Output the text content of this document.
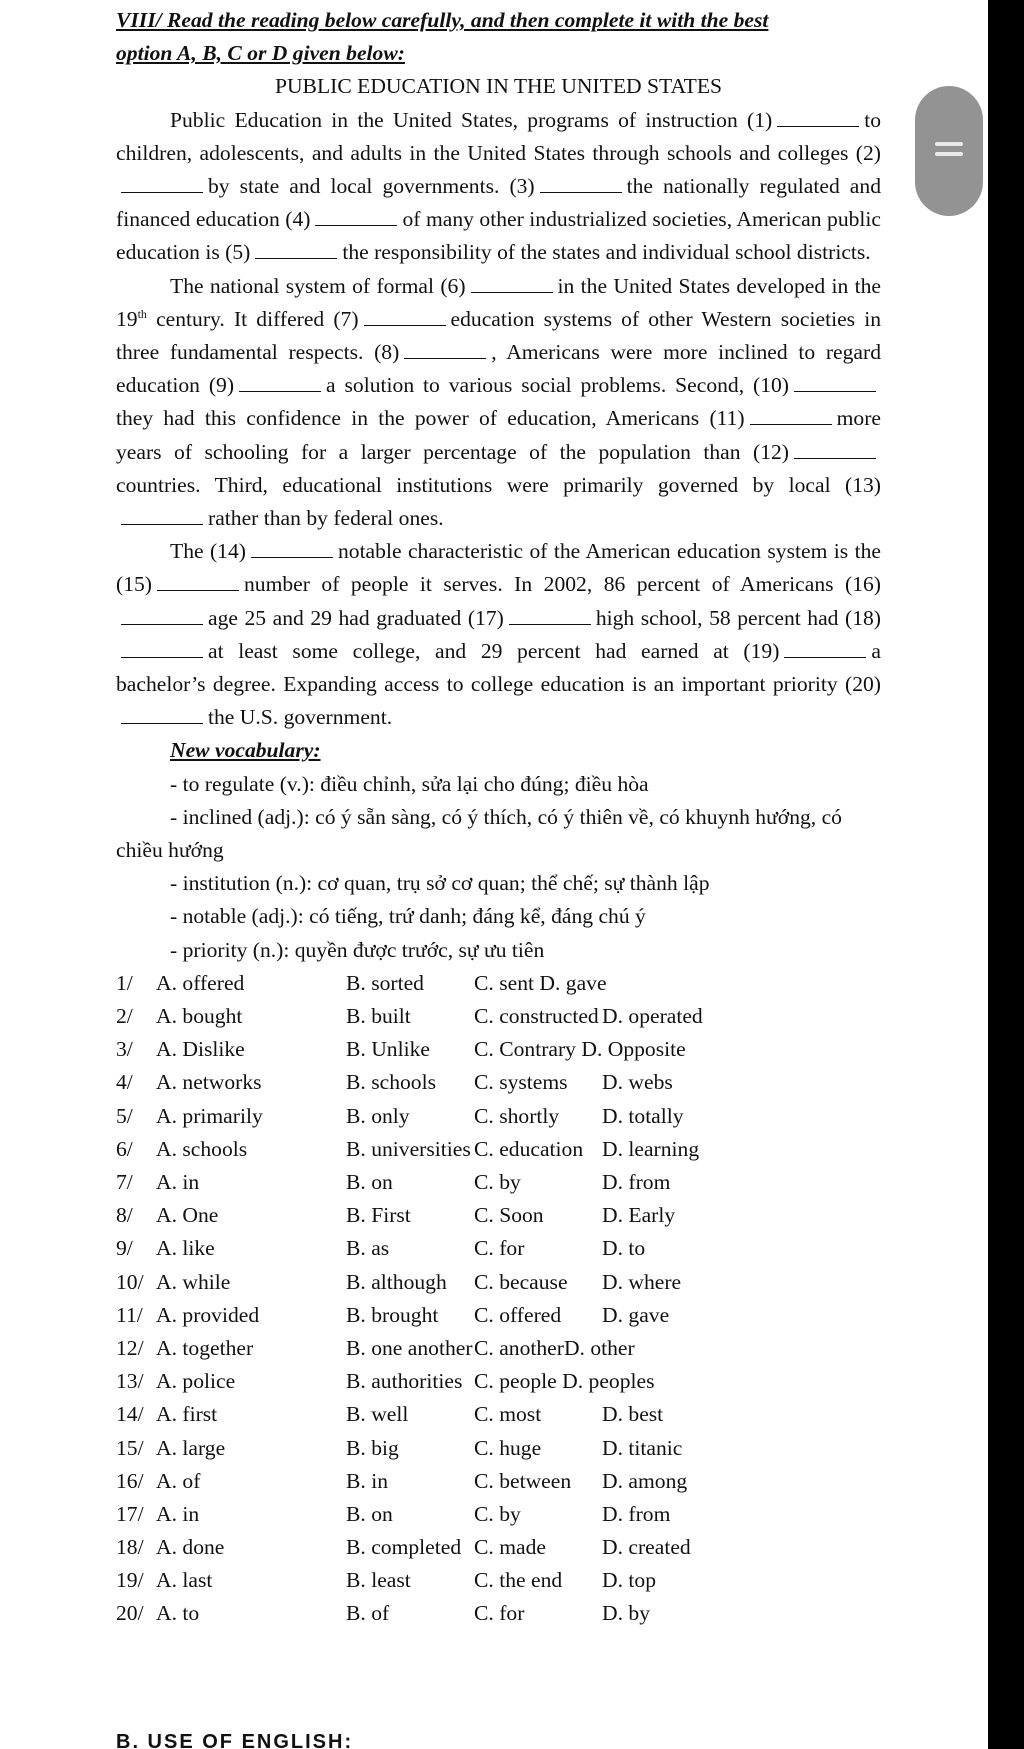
VIII/ Read the reading below carefully, and then complete it with the best
option A, B, C or D given below:
PUBLIC EDUCATION IN THE UNITED STATES

Public Education in the United States, programs of instruction (1)	to children, adolescents, and adults in the United States through schools and colleges (2)by state and local governments. (3)	the nationally regulated and financed education (4)	of many other industrialized societies, American public education is (5)	the responsibility of the states and individual school districts.

The national system of formal (6)	in the United States developed in the 19th century. It differed (7)	education systems of other Western societies in three fundamental respects. (8)	, Americans were more inclined to regard education (9)	a solution to various social problems. Second, (10)they had this confidence in the power of education, Americans (11)	more years of schooling for a larger percentage of the population than (12)countries. Third, educational institutions were primarily governed by local (13)rather than by federal ones.

The (14)	notable characteristic of the American education system is the (15)	number of people it serves. In 2002, 86 percent of Americans (16)age 25 and 29 had graduated (17)	high school, 58 percent had (18)at least some college, and 29 percent had earned at (19)	a bachelor’s degree. Expanding access to college education is an important priority (20)the U.S. government.

New vocabulary:
- to regulate (v.): điều chỉnh, sửa lại cho đúng; điều hòa
- inclined (adj.): có ý sẵn sàng, có ý thích, có ý thiên về, có khuynh hướng, có chiều hướng
- institution (n.): cơ quan, trụ sở cơ quan; thể chế; sự thành lập
- notable (adj.): có tiếng, trứ danh; đáng kể, đáng chú ý
- priority (n.): quyền được trước, sự ưu tiên
1/ A. offered	B. sorted C. sent D. gave
2/ A. bought	B. built	C. constructed D. operated
3/ A. Dislike	B. Unlike C. Contrary D. Opposite
4/ A. networks	B. schools C. systems D. webs
5/ A. primarily	B. only	C. shortly D. totally
6/ A. schools	B. universities C. education D. learning
7/ A. in	B. on	C. by	D. from
8/ A. One	B. First	C. Soon	D. Early
9/ A. like	B. as	C. for	D. to
10/ A. while	B. although C. because D. where
11/ A. provided	B. brought C. offered D. gave
12/ A. together	B. one another C. anotherD. other
13/ A. police	B. authorities C. people D. peoples
14/ A. first	B. well	C. most	D. best
15/ A. large	B. big	C. huge	D. titanic
16/ A. of	B. in	C. between D. among
17/ A. in	B. on	C. by	D. from
18/ A. done	B. completed C. made	D. created
19/ A. last	B. least	C. the end D. top
20/ A. to	B. of	C. for	D. by
B. USE OF ENGLISH:
